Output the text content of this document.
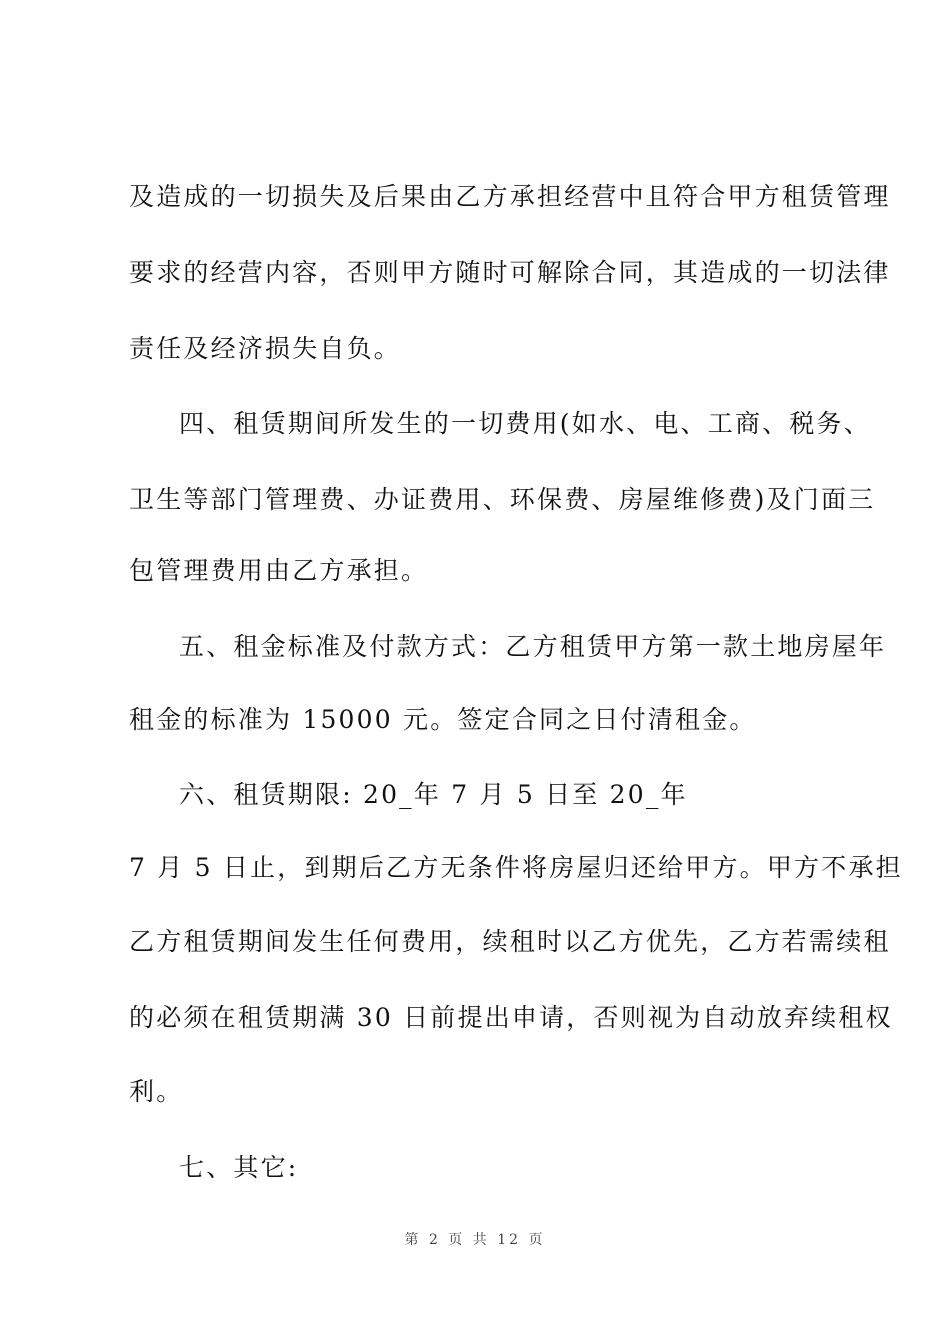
及造成的一切损失及后果由乙方承担经营中且符合甲方租赁管理
要求的经营内容，否则甲方随时可解除合同，其造成的一切法律
责任及经济损失自负。
四、租赁期间所发生的一切费用(如水、电、工商、税务、
卫生等部门管理费、办证费用、环保费、房屋维修费)及门面三
包管理费用由乙方承担。
五、租金标准及付款方式：乙方租赁甲方第一款土地房屋年
租金的标准为 15000 元。签定合同之日付清租金。
六、租赁期限: 20_年 7 月 5 日至 20_年
7 月 5 日止，到期后乙方无条件将房屋归还给甲方。甲方不承担
乙方租赁期间发生任何费用，续租时以乙方优先，乙方若需续租
的必须在租赁期满 30 日前提出申请，否则视为自动放弃续租权
利。
七、其它:
第 2 页 共 12 页
